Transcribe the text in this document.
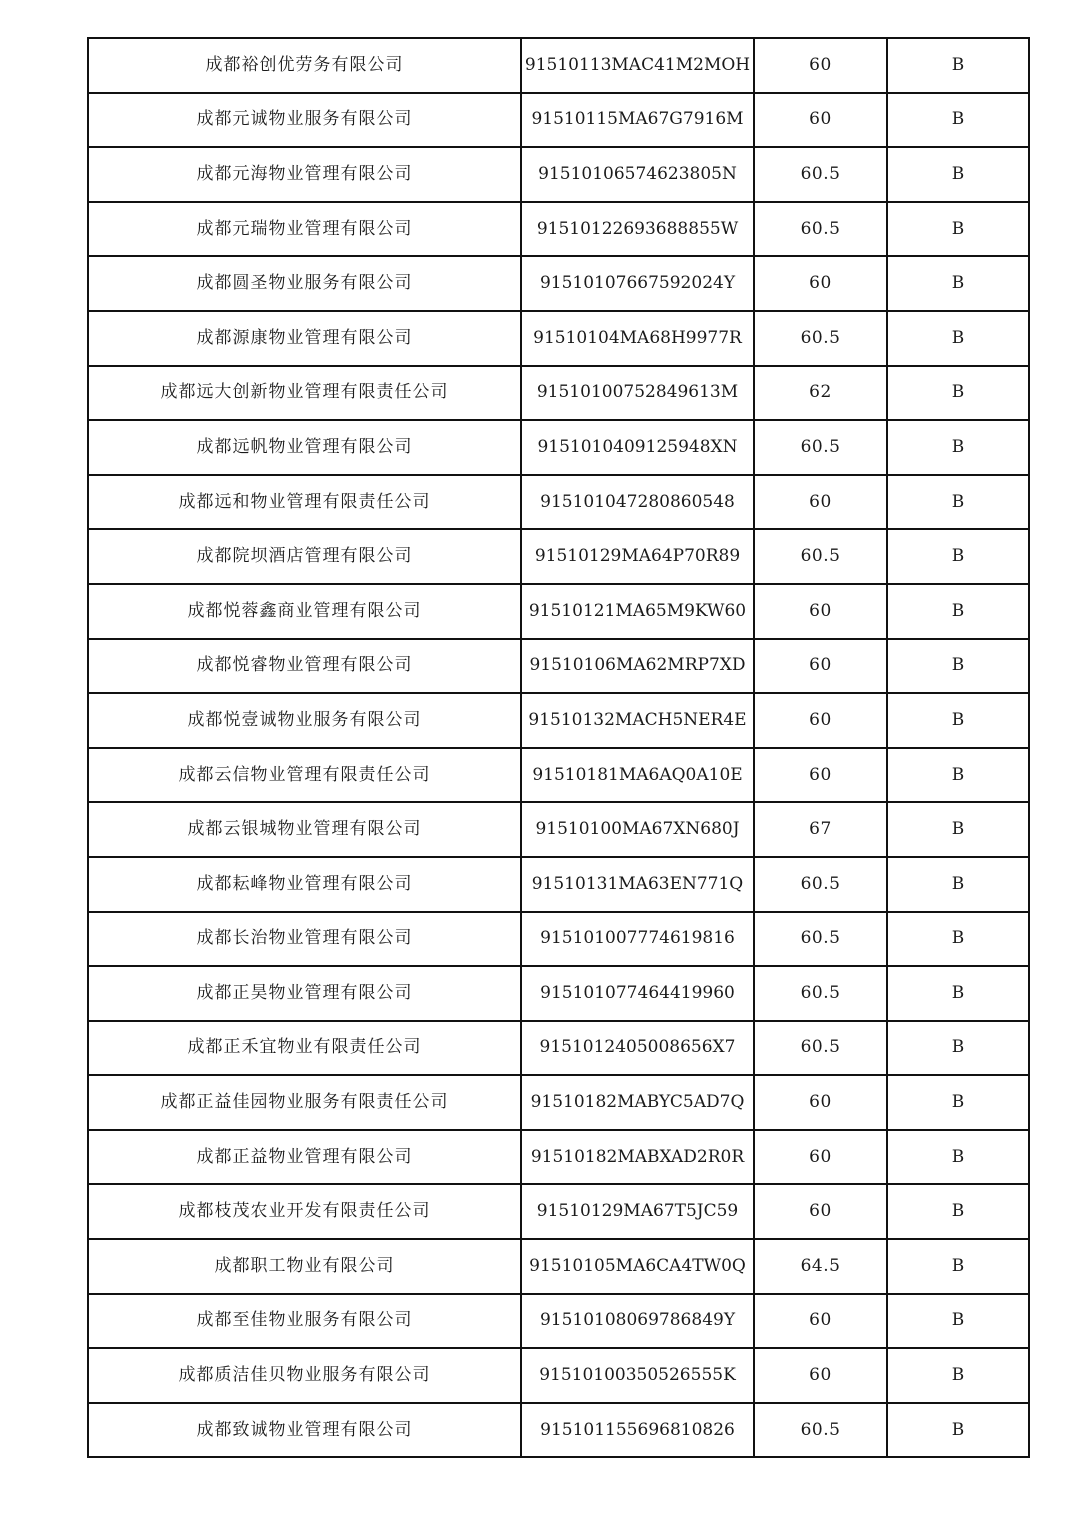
成都裕创优劳务有限公司	91510113MAC41M2MOH	60	B
成都元诚物业服务有限公司	91510115MA67G7916M	60	B
成都元海物业管理有限公司	91510106574623805N	60.5	B
成都元瑞物业管理有限公司	91510122693688855W	60.5	B
成都圆圣物业服务有限公司	91510107667592024Y	60	B
成都源康物业管理有限公司	91510104MA68H9977R	60.5	B
成都远大创新物业管理有限责任公司	91510100752849613M	62	B
成都远帆物业管理有限公司	9151010409125948XN	60.5	B
成都远和物业管理有限责任公司	915101047280860548	60	B
成都院坝酒店管理有限公司	91510129MA64P70R89	60.5	B
成都悦蓉鑫商业管理有限公司	91510121MA65M9KW60	60	B
成都悦睿物业管理有限公司	91510106MA62MRP7XD	60	B
成都悦壹诚物业服务有限公司	91510132MACH5NER4E	60	B
成都云信物业管理有限责任公司	91510181MA6AQ0A10E	60	B
成都云银城物业管理有限公司	91510100MA67XN680J	67	B
成都耘峰物业管理有限公司	91510131MA63EN771Q	60.5	B
成都长治物业管理有限公司	915101007774619816	60.5	B
成都正昊物业管理有限公司	915101077464419960	60.5	B
成都正禾宜物业有限责任公司	9151012405008656X7	60.5	B
成都正益佳园物业服务有限责任公司	91510182MABYC5AD7Q	60	B
成都正益物业管理有限公司	91510182MABXAD2R0R	60	B
成都枝茂农业开发有限责任公司	91510129MA67T5JC59	60	B
成都职工物业有限公司	91510105MA6CA4TW0Q	64.5	B
成都至佳物业服务有限公司	91510108069786849Y	60	B
成都质洁佳贝物业服务有限公司	91510100350526555K	60	B
成都致诚物业管理有限公司	915101155696810826	60.5	B
